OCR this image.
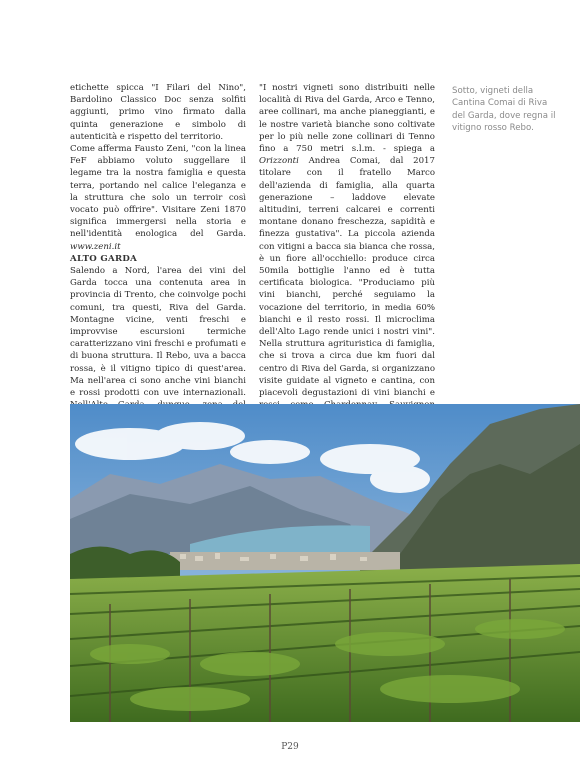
etichette spicca "I Filari del Nino", Bardolino Classico Doc senza solfiti aggiunti, primo vino firmato dalla quinta generazione e simbolo di autenticità e rispetto del territorio.

Come afferma Fausto Zeni, "con la linea FeF abbiamo voluto suggellare il legame tra la nostra famiglia e questa terra, portando nel calice l'eleganza e la struttura che solo un terroir così vocato può offrire". Visitare Zeni 1870 significa immergersi nella storia e nell'identità enologica del Garda. www.zeni.it

ALTO GARDA

Salendo a Nord, l'area dei vini del Garda tocca una contenuta area in provincia di Trento, che coinvolge pochi comuni, tra questi, Riva del Garda. Montagne vicine, venti freschi e improvvise escursioni termiche caratterizzano vini freschi e profumati e di buona struttura. Il Rebo, uva a bacca rossa, è il vitigno tipico di quest'area. Ma nell'area ci sono anche vini bianchi e rossi prodotti con uve internazionali.

"I nostri vigneti sono distribuiti nelle località di Riva del Garda, Arco e Tenno, aree collinari, ma anche pianeggianti, e le nostre varietà bianche sono coltivate per lo più nelle zone collinari di Tenno fino a 750 metri s.l.m. - spiega a Orizzonti Andrea Comai, dal 2017 titolare con il fratello Marco dell'azienda di famiglia, alla quarta generazione – laddove elevate altitudini, terreni calcarei e correnti montane donano freschezza, sapidità e finezza gustativa". La piccola azienda con vitigni a bacca sia bianca che rossa, è un fiore all'occhiello: produce circa 50mila bottiglie l'anno ed è tutta certificata biologica. "Produciamo più vini bianchi, perché seguiamo la vocazione del territorio, in media 60% bianchi e il resto rossi. Il microclima dell'Alto Lago rende unici i nostri vini". Nella struttura agrituristica di famiglia, che si trova a circa due km fuori dal centro di Riva del Garda, si organizzano visite guidate al vigneto e cantina, con piacevoli degustazioni di vini bianchi e

Sotto, vigneti della Cantina Comai di Riva del Garda, dove regna il vitigno rosso Rebo.
P29
